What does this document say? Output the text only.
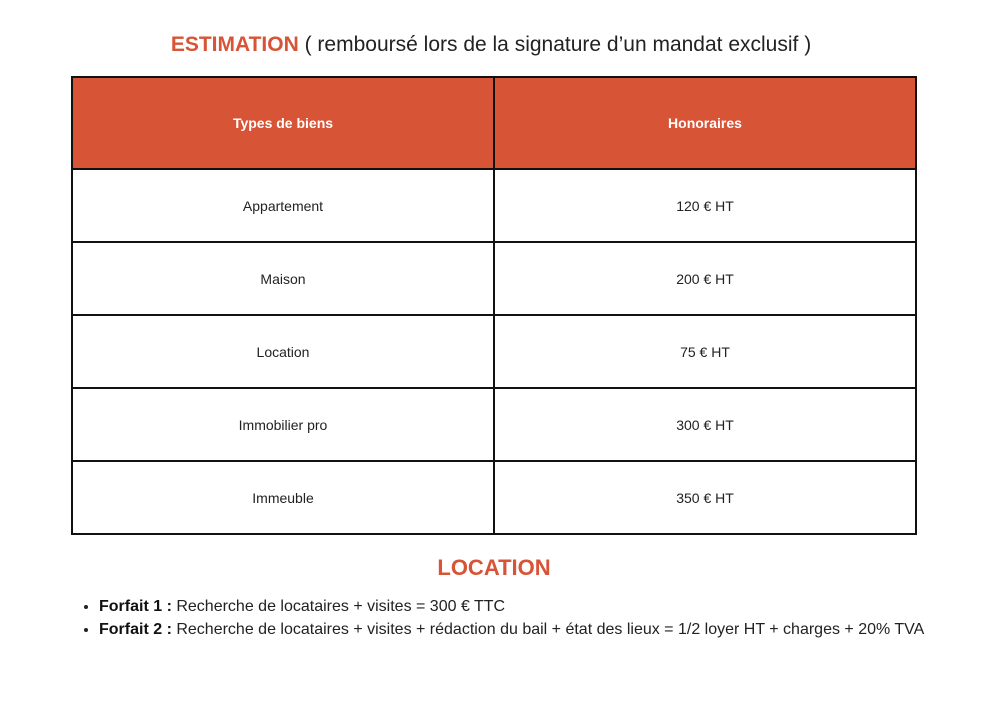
ESTIMATION ( remboursé lors de la signature d’un mandat exclusif )
Types de biens	Honoraires
Appartement	120 € HT
Maison	200 € HT
Location	75 € HT
Immobilier pro	300 € HT
Immeuble	350 € HT
LOCATION
• Forfait 1 : Recherche de locataires + visites = 300 € TTC
• Forfait 2 : Recherche de locataires + visites + rédaction du bail + état des lieux = 1/2 loyer HT + charges + 20% TVA
